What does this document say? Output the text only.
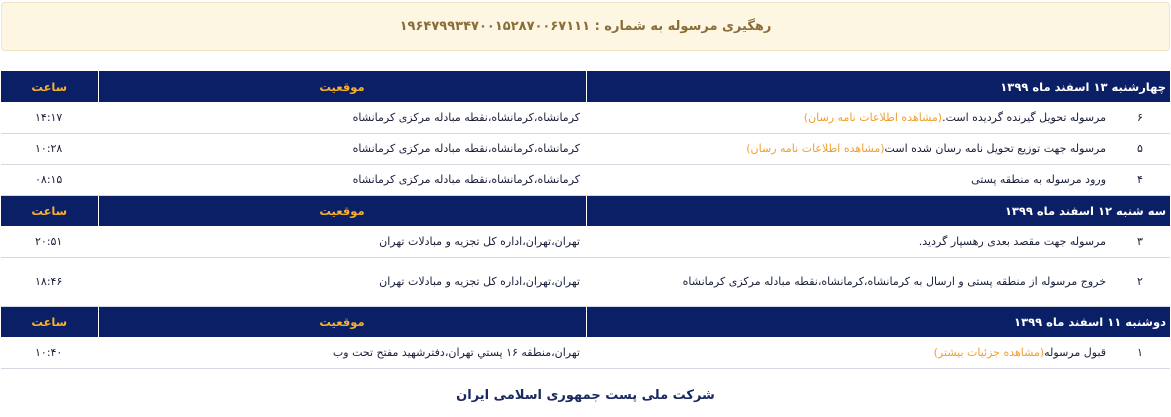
رهگیری مرسوله به شماره : ۱۹۶۴۷۹۹۳۴۷۰۰۱۵۲۸۷۰۰۶۷۱۱۱
چهارشنبه ۱۳ اسفند ماه ۱۳۹۹		موقعیت	ساعت
۶	مرسوله تحویل گیرنده گردیده است.(مشاهده اطلاعات نامه رسان)	کرمانشاه،کرمانشاه،نقطه مبادله مرکزی کرمانشاه	۱۴:۱۷
۵	مرسوله جهت توزیع تحویل نامه رسان شده است(مشاهده اطلاعات نامه رسان)	کرمانشاه،کرمانشاه،نقطه مبادله مرکزی کرمانشاه	۱۰:۲۸
۴	ورود مرسوله به منطقه پستی	کرمانشاه،کرمانشاه،نقطه مبادله مرکزی کرمانشاه	۰۸:۱۵
سه شنبه ۱۲ اسفند ماه ۱۳۹۹		موقعیت	ساعت
۳	مرسوله جهت مقصد بعدی رهسپار گردید.	تهران،تهران،اداره کل تجزیه و مبادلات تهران	۲۰:۵۱
۲	خروج مرسوله از منطقه پستی و ارسال به کرمانشاه،کرمانشاه،نقطه مبادله مرکزی کرمانشاه	تهران،تهران،اداره کل تجزیه و مبادلات تهران	۱۸:۴۶
دوشنبه ۱۱ اسفند ماه ۱۳۹۹		موقعیت	ساعت
۱	قبول مرسوله(مشاهده جزئیات بیشتر)	تهران،منطقه ۱۶ پستي تهران،دفترشهید مفتح تحت وب	۱۰:۴۰
شرکت ملی پست جمهوری اسلامی ایران
